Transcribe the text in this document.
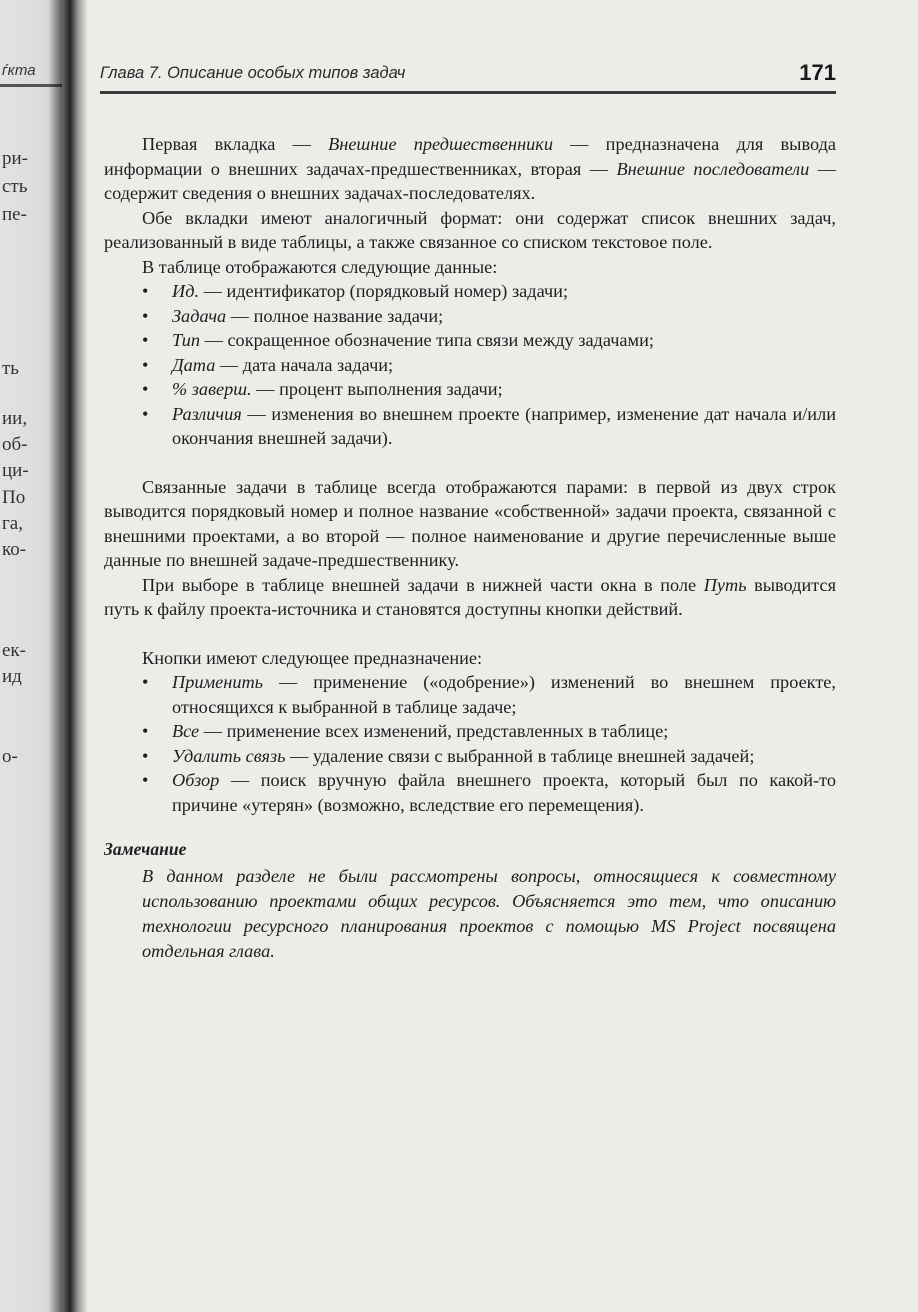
ѓкта
ри-
сть
пе-
ть
ии,
об-
ци-
По
га,
ко-
ек-
ид
о-
Глава 7. Описание особых типов задач	171

Первая вкладка — Внешние предшественники — предназначена для вывода информации о внешних задачах-предшественниках, вторая — Внешние последователи — содержит сведения о внешних задачах-последователях.

Обе вкладки имеют аналогичный формат: они содержат список внешних задач, реализованный в виде таблицы, а также связанное со списком текстовое поле.

В таблице отображаются следующие данные:

•
Ид. — идентификатор (порядковый номер) задачи;
•
Задача — полное название задачи;
•
Тип — сокращенное обозначение типа связи между задачами;
•
Дата — дата начала задачи;
•
% заверш. — процент выполнения задачи;
•
Различия — изменения во внешнем проекте (например, изменение дат начала и/или окончания внешней задачи).

Связанные задачи в таблице всегда отображаются парами: в первой из двух строк выводится порядковый номер и полное название «собственной» задачи проекта, связанной с внешними проектами, а во второй — полное наименование и другие перечисленные выше данные по внешней задаче-предшественнику.

При выборе в таблице внешней задачи в нижней части окна в поле Путь выводится путь к файлу проекта-источника и становятся доступны кнопки действий.

Кнопки имеют следующее предназначение:

•
Применить — применение («одобрение») изменений во внешнем проекте, относящихся к выбранной в таблице задаче;
•
Все — применение всех изменений, представленных в таблице;
•
Удалить связь — удаление связи с выбранной в таблице внешней задачей;
•
Обзор — поиск вручную файла внешнего проекта, который был по какой-то причине «утерян» (возможно, вследствие его перемещения).
Замечание
В данном разделе не были рассмотрены вопросы, относящиеся к совместному использованию проектами общих ресурсов. Объясняется это тем, что описанию технологии ресурсного планирования проектов с помощью MS Project посвящена отдельная глава.
